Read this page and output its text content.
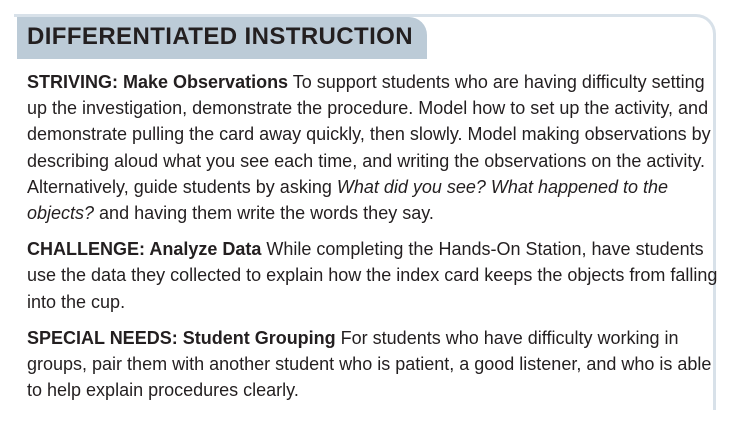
DIFFERENTIATED INSTRUCTION

STRIVING: Make Observations To support students who are having difficulty setting up the investigation, demonstrate the procedure. Model how to set up the activity, and demonstrate pulling the card away quickly, then slowly. Model making observations by describing aloud what you see each time, and writing the observations on the activity. Alternatively, guide students by asking What did you see? What happened to the objects? and having them write the words they say.

CHALLENGE: Analyze Data While completing the Hands-On Station, have students use the data they collected to explain how the index card keeps the objects from falling into the cup.

SPECIAL NEEDS: Student Grouping For students who have difficulty working in groups, pair them with another student who is patient, a good listener, and who is able to help explain procedures clearly.
